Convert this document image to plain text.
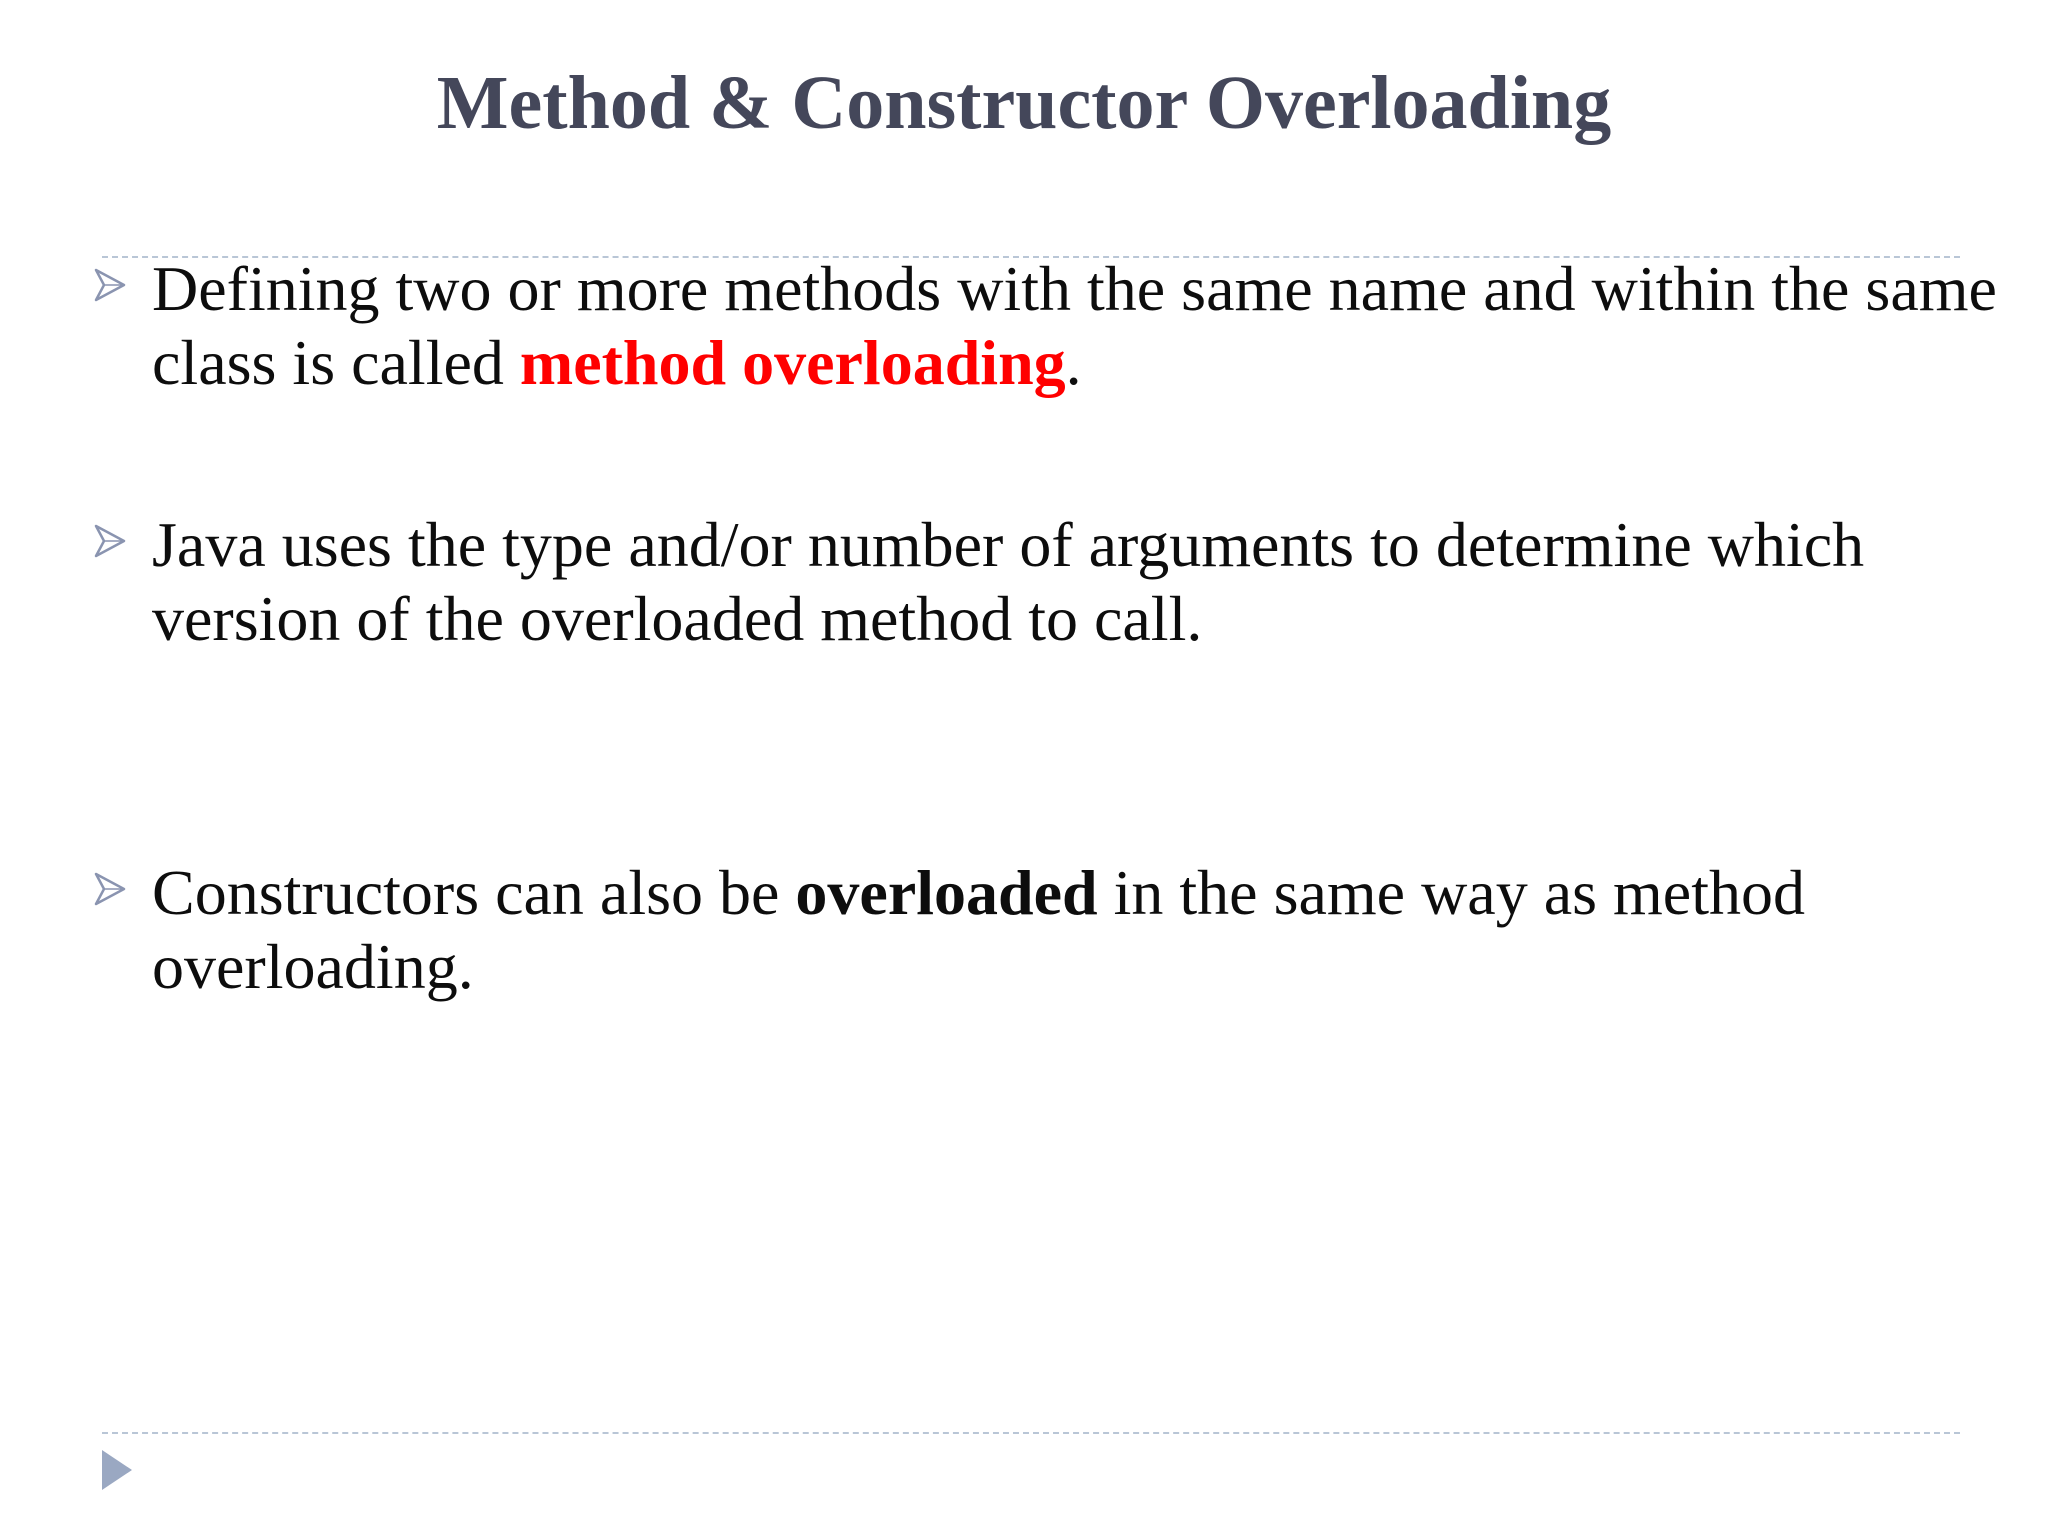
Method & Constructor Overloading
Defining two or more methods with the same name and within the same class is called method overloading.
Java uses the type and/or number of arguments to determine which version of the overloaded method to call.
Constructors can also be overloaded in the same way as method overloading.
